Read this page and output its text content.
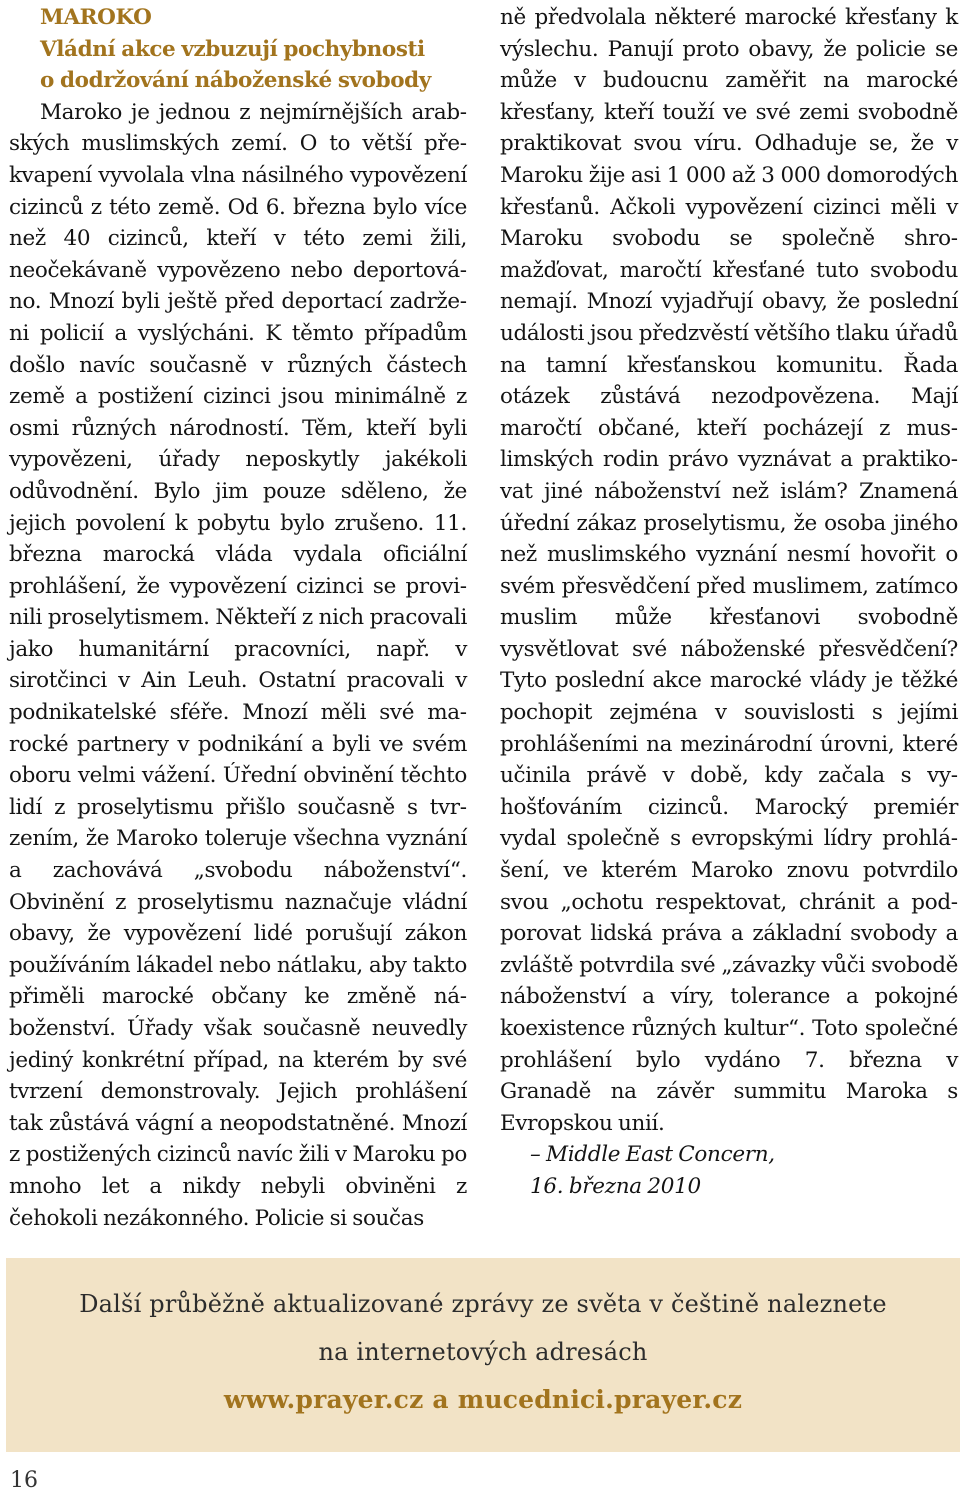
MAROKO
Vládní akce vzbuzují pochybnosti
o dodržování náboženské svobody

Maroko je jednou z nejmírnějších arabských muslimských zemí. O to větší překvapení vyvolala vlna násilného vypovězení cizinců z této země. Od 6. března bylo více než 40 cizinců, kteří v této zemi žili, neočekávaně vypovězeno nebo deportováno. Mnozí byli ještě před deportací zadrženi policií a vyslýcháni. K těmto případům došlo navíc současně v různých částech země a postižení cizinci jsou minimálně z osmi různých národností. Těm, kteří byli vypovězeni, úřady neposkytly jakékoli odůvodnění. Bylo jim pouze sděleno, že jejich povolení k pobytu bylo zrušeno. 11. března marocká vláda vydala oficiální prohlášení, že vypovězení cizinci se provinili proselytismem. Někteří z nich pracovali jako humanitární pracovníci, např. v sirotčinci v Ain Leuh. Ostatní pracovali v podnikatelské sféře. Mnozí měli své marocké partnery v podnikání a byli ve svém oboru velmi vážení. Úřední obvinění těchto lidí z proselytismu přišlo současně s tvrzením, že Maroko toleruje všechna vyznání a zachovává „svobodu náboženství“. Obvinění z proselytismu naznačuje vládní obavy, že vypovězení lidé porušují zákon používáním lákadel nebo nátlaku, aby takto přiměli marocké občany ke změně náboženství. Úřady však současně neuvedly jediný konkrétní případ, na kterém by své tvrzení demonstrovaly. Jejich prohlášení tak zůstává vágní a neopodstatněné. Mnozí z postižených cizinců navíc žili v Maroku po mnoho let a nikdy nebyli obviněni z čehokoli nezákonného. Policie si součas

ně předvolala některé marocké křesťany k výslechu. Panují proto obavy, že policie se může v budoucnu zaměřit na marocké křesťany, kteří touží ve své zemi svobodně praktikovat svou víru. Odhaduje se, že v Maroku žije asi 1 000 až 3 000 domorodých křesťanů. Ačkoli vypovězení cizinci měli v Maroku svobodu se společně shromažďovat, maročtí křesťané tuto svobodu nemají. Mnozí vyjadřují obavy, že poslední události jsou předzvěstí většího tlaku úřadů na tamní křesťanskou komunitu. Řada otázek zůstává nezodpovězena. Mají maročtí občané, kteří pocházejí z muslimských rodin právo vyznávat a praktikovat jiné náboženství než islám? Znamená úřední zákaz proselytismu, že osoba jiného než muslimského vyznání nesmí hovořit o svém přesvědčení před muslimem, zatímco muslim může křesťanovi svobodně vysvětlovat své náboženské přesvědčení? Tyto poslední akce marocké vlády je těžké pochopit zejména v souvislosti s jejími prohlášeními na mezinárodní úrovni, které učinila právě v době, kdy začala s vyhošťováním cizinců. Marocký premiér vydal společně s evropskými lídry prohlášení, ve kterém Maroko znovu potvrdilo svou „ochotu respektovat, chránit a podporovat lidská práva a základní svobody a zvláště potvrdila své „závazky vůči svobodě náboženství a víry, tolerance a pokojné koexistence různých kultur“. Toto společné prohlášení bylo vydáno 7. března v Granadě na závěr summitu Maroka s Evropskou unií.

– Middle East Concern,
16. března 2010
Další průběžně aktualizované zprávy ze světa v češtině naleznete
na internetových adresách
www.prayer.cz a mucednici.prayer.cz
16
